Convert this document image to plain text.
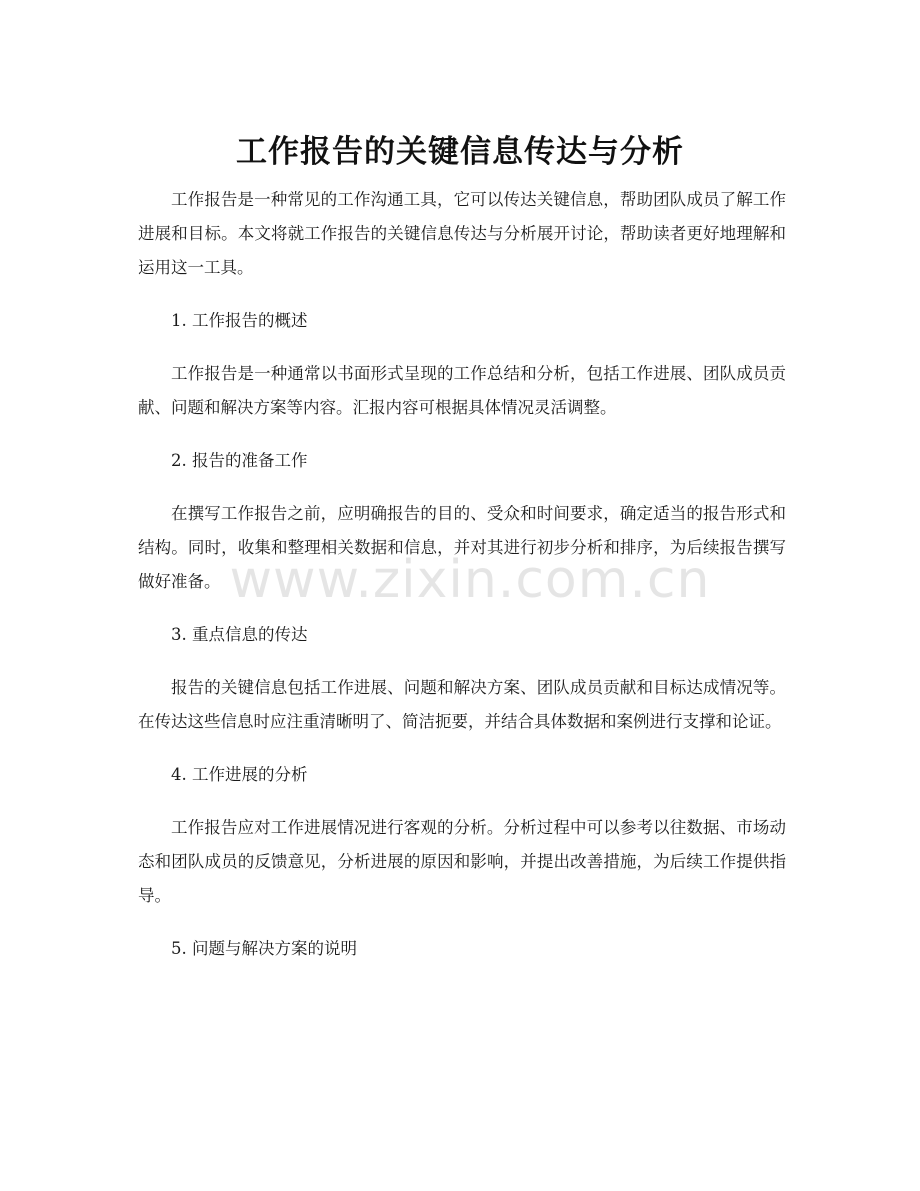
工作报告的关键信息传达与分析

工作报告是一种常见的工作沟通工具，它可以传达关键信息，帮助团队成员了解工作进展和目标。本文将就工作报告的关键信息传达与分析展开讨论，帮助读者更好地理解和运用这一工具。

1. 工作报告的概述

工作报告是一种通常以书面形式呈现的工作总结和分析，包括工作进展、团队成员贡献、问题和解决方案等内容。汇报内容可根据具体情况灵活调整。

2. 报告的准备工作

在撰写工作报告之前，应明确报告的目的、受众和时间要求，确定适当的报告形式和结构。同时，收集和整理相关数据和信息，并对其进行初步分析和排序，为后续报告撰写做好准备。

3. 重点信息的传达

报告的关键信息包括工作进展、问题和解决方案、团队成员贡献和目标达成情况等。在传达这些信息时应注重清晰明了、简洁扼要，并结合具体数据和案例进行支撑和论证。

4. 工作进展的分析

工作报告应对工作进展情况进行客观的分析。分析过程中可以参考以往数据、市场动态和团队成员的反馈意见，分析进展的原因和影响，并提出改善措施，为后续工作提供指导。

5. 问题与解决方案的说明

www.zixin.com.cn
